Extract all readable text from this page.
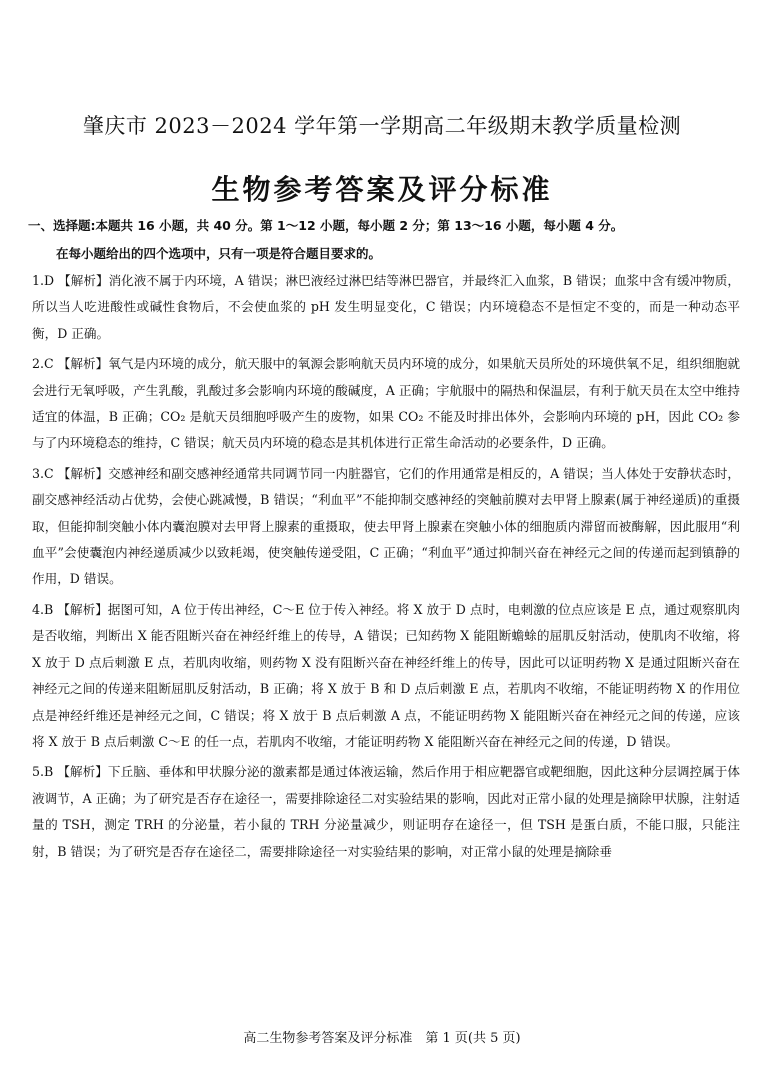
肇庆市 2023－2024 学年第一学期高二年级期末教学质量检测
生物参考答案及评分标准
一、选择题:本题共 16 小题，共 40 分。第 1～12 小题，每小题 2 分；第 13～16 小题，每小题 4 分。
在每小题给出的四个选项中，只有一项是符合题目要求的。
1.D 【解析】消化液不属于内环境，A 错误；淋巴液经过淋巴结等淋巴器官，并最终汇入血浆，B 错误；血浆中含有缓冲物质，所以当人吃进酸性或碱性食物后，不会使血浆的 pH 发生明显变化，C 错误；内环境稳态不是恒定不变的，而是一种动态平衡，D 正确。
2.C 【解析】氧气是内环境的成分，航天服中的氧源会影响航天员内环境的成分，如果航天员所处的环境供氧不足，组织细胞就会进行无氧呼吸，产生乳酸，乳酸过多会影响内环境的酸碱度，A 正确；宇航服中的隔热和保温层，有利于航天员在太空中维持适宜的体温，B 正确；CO₂ 是航天员细胞呼吸产生的废物，如果 CO₂ 不能及时排出体外，会影响内环境的 pH，因此 CO₂ 参与了内环境稳态的维持，C 错误；航天员内环境的稳态是其机体进行正常生命活动的必要条件，D 正确。
3.C 【解析】交感神经和副交感神经通常共同调节同一内脏器官，它们的作用通常是相反的，A 错误；当人体处于安静状态时，副交感神经活动占优势，会使心跳减慢，B 错误；“利血平”不能抑制交感神经的突触前膜对去甲肾上腺素(属于神经递质)的重摄取，但能抑制突触小体内囊泡膜对去甲肾上腺素的重摄取，使去甲肾上腺素在突触小体的细胞质内滞留而被酶解，因此服用“利血平”会使囊泡内神经递质减少以致耗竭，使突触传递受阻，C 正确；“利血平”通过抑制兴奋在神经元之间的传递而起到镇静的作用，D 错误。
4.B 【解析】据图可知，A 位于传出神经，C～E 位于传入神经。将 X 放于 D 点时，电刺激的位点应该是 E 点，通过观察肌肉是否收缩，判断出 X 能否阻断兴奋在神经纤维上的传导，A 错误；已知药物 X 能阻断蟾蜍的屈肌反射活动，使肌肉不收缩，将 X 放于 D 点后刺激 E 点，若肌肉收缩，则药物 X 没有阻断兴奋在神经纤维上的传导，因此可以证明药物 X 是通过阻断兴奋在神经元之间的传递来阻断屈肌反射活动，B 正确；将 X 放于 B 和 D 点后刺激 E 点，若肌肉不收缩，不能证明药物 X 的作用位点是神经纤维还是神经元之间，C 错误；将 X 放于 B 点后刺激 A 点，不能证明药物 X 能阻断兴奋在神经元之间的传递，应该将 X 放于 B 点后刺激 C～E 的任一点，若肌肉不收缩，才能证明药物 X 能阻断兴奋在神经元之间的传递，D 错误。
5.B 【解析】下丘脑、垂体和甲状腺分泌的激素都是通过体液运输，然后作用于相应靶器官或靶细胞，因此这种分层调控属于体液调节，A 正确；为了研究是否存在途径一，需要排除途径二对实验结果的影响，因此对正常小鼠的处理是摘除甲状腺，注射适量的 TSH，测定 TRH 的分泌量，若小鼠的 TRH 分泌量减少，则证明存在途径一，但 TSH 是蛋白质，不能口服，只能注射，B 错误；为了研究是否存在途径二，需要排除途径一对实验结果的影响，对正常小鼠的处理是摘除垂
高二生物参考答案及评分标准　第 1 页(共 5 页)
